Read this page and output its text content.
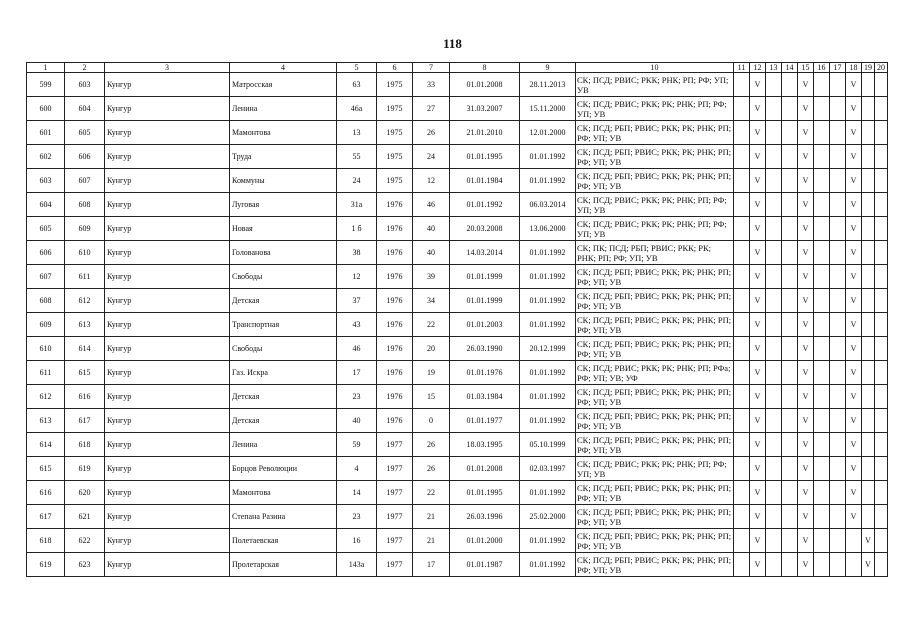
118
1	2	3	4	5	6	7	8	9	10	11	12	13	14	15	16	17	18	19	20
599	603	Кунгур	Матросская	63	1975	33	01.01.2008	28.11.2013	СК; ПСД; РВИС; РКК; РНК; РП; РФ; УП; УВ		V			V			V		
600	604	Кунгур	Ленина	46а	1975	27	31.03.2007	15.11.2000	СК; ПСД; РВИС; РКК; РК; РНК; РП; РФ; УП; УВ		V			V			V		
601	605	Кунгур	Мамонтова	13	1975	26	21.01.2010	12.01.2000	СК; ПСД; РБП; РВИС; РКК; РК; РНК; РП; РФ; УП; УВ		V			V			V		
602	606	Кунгур	Труда	55	1975	24	01.01.1995	01.01.1992	СК; ПСД; РБП; РВИС; РКК; РК; РНК; РП; РФ; УП; УВ		V			V			V		
603	607	Кунгур	Коммуны	24	1975	12	01.01.1984	01.01.1992	СК; ПСД; РБП; РВИС; РКК; РК; РНК; РП; РФ; УП; УВ		V			V			V		
604	608	Кунгур	Луговая	31а	1976	46	01.01.1992	06.03.2014	СК; ПСД; РВИС; РКК; РК; РНК; РП; РФ; УП; УВ		V			V			V		
605	609	Кунгур	Новая	1 б	1976	40	20.03.2008	13.06.2000	СК; ПСД; РВИС; РКК; РК; РНК; РП; РФ; УП; УВ		V			V			V		
606	610	Кунгур	Голованова	38	1976	40	14.03.2014	01.01.1992	СК; ПК; ПСД; РБП; РВИС; РКК; РК; РНК; РП; РФ; УП; УВ		V			V			V		
607	611	Кунгур	Свободы	12	1976	39	01.01.1999	01.01.1992	СК; ПСД; РБП; РВИС; РКК; РК; РНК; РП; РФ; УП; УВ		V			V			V		
608	612	Кунгур	Детская	37	1976	34	01.01.1999	01.01.1992	СК; ПСД; РБП; РВИС; РКК; РК; РНК; РП; РФ; УП; УВ		V			V			V		
609	613	Кунгур	Транспортная	43	1976	22	01.01.2003	01.01.1992	СК; ПСД; РБП; РВИС; РКК; РК; РНК; РП; РФ; УП; УВ		V			V			V		
610	614	Кунгур	Свободы	46	1976	20	26.03.1990	20.12.1999	СК; ПСД; РБП; РВИС; РКК; РК; РНК; РП; РФ; УП; УВ		V			V			V		
611	615	Кунгур	Газ. Искра	17	1976	19	01.01.1976	01.01.1992	СК; ПСД; РВИС; РКК; РК; РНК; РП; РФа; РФ; УП; УВ; УФ		V			V			V		
612	616	Кунгур	Детская	23	1976	15	01.03.1984	01.01.1992	СК; ПСД; РБП; РВИС; РКК; РК; РНК; РП; РФ; УП; УВ		V			V			V		
613	617	Кунгур	Детская	40	1976	0	01.01.1977	01.01.1992	СК; ПСД; РБП; РВИС; РКК; РК; РНК; РП; РФ; УП; УВ		V			V			V		
614	618	Кунгур	Ленина	59	1977	26	18.03.1995	05.10.1999	СК; ПСД; РБП; РВИС; РКК; РК; РНК; РП; РФ; УП; УВ		V			V			V		
615	619	Кунгур	Борцов Революции	4	1977	26	01.01.2008	02.03.1997	СК; ПСД; РВИС; РКК; РК; РНК; РП; РФ; УП; УВ		V			V			V		
616	620	Кунгур	Мамонтова	14	1977	22	01.01.1995	01.01.1992	СК; ПСД; РБП; РВИС; РКК; РК; РНК; РП; РФ; УП; УВ		V			V			V		
617	621	Кунгур	Степана Разина	23	1977	21	26.03.1996	25.02.2000	СК; ПСД; РБП; РВИС; РКК; РК; РНК; РП; РФ; УП; УВ		V			V			V		
618	622	Кунгур	Полетаевская	16	1977	21	01.01.2000	01.01.1992	СК; ПСД; РБП; РВИС; РКК; РК; РНК; РП; РФ; УП; УВ		V			V				V	
619	623	Кунгур	Пролетарская	143а	1977	17	01.01.1987	01.01.1992	СК; ПСД; РБП; РВИС; РКК; РК; РНК; РП; РФ; УП; УВ		V			V				V	
